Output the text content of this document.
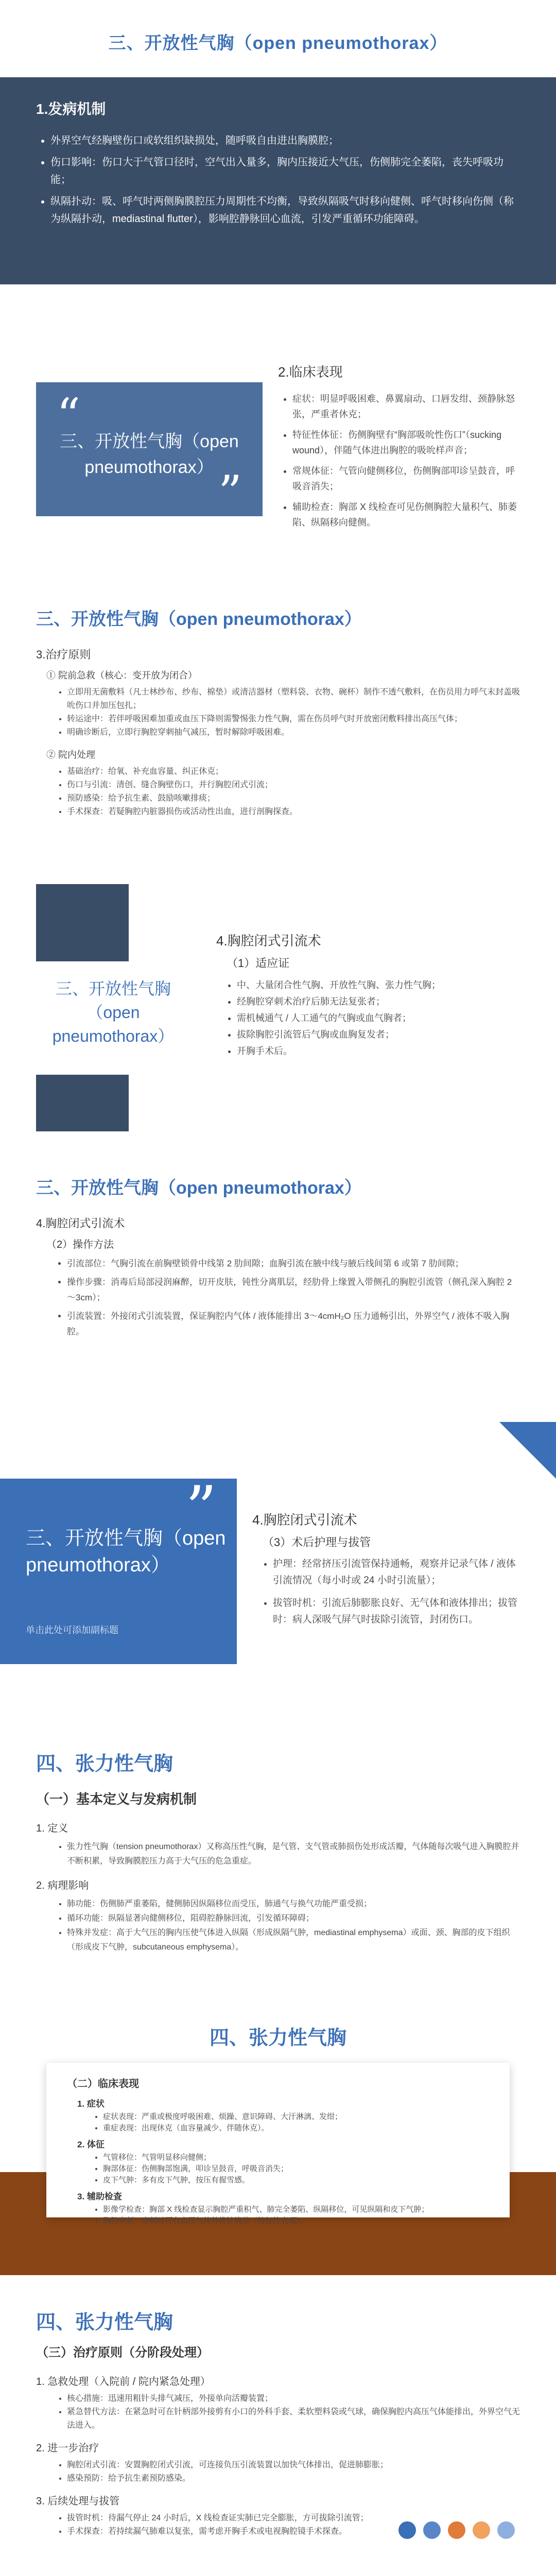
三、开放性气胸（open pneumothorax）
1.发病机制
• 外界空气经胸壁伤口或软组织缺损处，随呼吸自由进出胸膜腔；
• 伤口影响：伤口大于气管口径时，空气出入量多，胸内压接近大气压，伤侧肺完全萎陷，丧失呼吸功能；
• 纵隔扑动：吸、呼气时两侧胸膜腔压力周期性不均衡，导致纵隔吸气时移向健侧、呼气时移向伤侧（称为纵隔扑动，mediastinal flutter），影响腔静脉回心血流，引发严重循环功能障碍。
“
三、开放性气胸（open pneumothorax） ”
2.临床表现
• 症状：明显呼吸困难、鼻翼扇动、口唇发绀、颈静脉怒张，严重者休克；
• 特征性体征：伤侧胸壁有“胸部吸吮性伤口”（sucking wound），伴随气体进出胸腔的吸吮样声音；
• 常规体征：气管向健侧移位，伤侧胸部叩诊呈鼓音，呼吸音消失；
• 辅助检查：胸部 X 线检查可见伤侧胸腔大量积气、肺萎陷、纵隔移向健侧。
三、开放性气胸（open pneumothorax）
3.治疗原则
① 院前急救（核心：变开放为闭合）
• 立即用无菌敷料（凡士林纱布、纱布、棉垫）或清洁器材（塑料袋、衣物、碗杯）制作不透气敷料，在伤员用力呼气末封盖吸吮伤口并加压包扎；
• 转运途中：若伴呼吸困难加重或血压下降则需警惕张力性气胸，需在伤员呼气时开放密闭敷料排出高压气体；
• 明确诊断后，立即行胸腔穿刺抽气减压，暂时解除呼吸困难。
② 院内处理
• 基础治疗：给氧、补充血容量、纠正休克；
• 伤口与引流：清创、缝合胸壁伤口，并行胸腔闭式引流；
• 预防感染：给予抗生素、鼓励咳嗽排痰；
• 手术探查：若疑胸腔内脏器损伤或活动性出血，进行剖胸探查。
三、开放性气胸（open pneumothorax）
4.胸腔闭式引流术
（1）适应证
• 中、大量闭合性气胸、开放性气胸、张力性气胸；
• 经胸腔穿刺术治疗后肺无法复张者；
• 需机械通气 / 人工通气的气胸或血气胸者；
• 拔除胸腔引流管后气胸或血胸复发者；
• 开胸手术后。
三、开放性气胸（open pneumothorax）
4.胸腔闭式引流术
（2）操作方法
• 引流部位：气胸引流在前胸壁锁骨中线第 2 肋间隙；血胸引流在腋中线与腋后线间第 6 或第 7 肋间隙；
• 操作步骤：消毒后局部浸润麻醉，切开皮肤，钝性分离肌层，经肋骨上缘置入带侧孔的胸腔引流管（侧孔深入胸腔 2～3cm）；
• 引流装置：外接闭式引流装置，保证胸腔内气体 / 液体能排出 3～4cmH₂O 压力通畅引出，外界空气 / 液体不吸入胸腔。
”
三、开放性气胸（open pneumothorax）
单击此处可添加副标题
4.胸腔闭式引流术
（3）术后护理与拔管
• 护理：经常挤压引流管保持通畅，观察并记录气体 / 液体引流情况（每小时或 24 小时引流量）；
• 拔管时机：引流后肺膨胀良好、无气体和液体排出；拔管时：病人深吸气屏气时拔除引流管，封闭伤口。
四、张力性气胸
（一）基本定义与发病机制
1. 定义
• 张力性气胸（tension pneumothorax）又称高压性气胸，是气管、支气管或肺损伤处形成活瓣，气体随每次吸气进入胸膜腔并不断积累，导致胸膜腔压力高于大气压的危急重症。
2. 病理影响
• 肺功能：伤侧肺严重萎陷，健侧肺因纵隔移位而受压，肺通气与换气功能严重受损；
• 循环功能：纵隔显著向健侧移位，阻碍腔静脉回流，引发循环障碍；
• 特殊并发症：高于大气压的胸内压使气体进入纵隔（形成纵隔气肿，mediastinal emphysema）或面、颈、胸部的皮下组织（形成皮下气肿，subcutaneous emphysema）。
四、张力性气胸
（二）临床表现
1. 症状
• 症状表现：严重或极度呼吸困难、烦躁、意识障碍、大汗淋漓、发绀；
• 重症表现：出现休克（血容量减少、伴随休克）。
2. 体征
• 气管移位：气管明显移向健侧；
• 胸部体征：伤侧胸部饱满，叩诊呈鼓音，呼吸音消失；
• 皮下气肿：多有皮下气肿，按压有握雪感。
3. 辅助检查
• 影像学检查：胸部 X 线检查显示胸腔严重积气、肺完全萎陷、纵隔移位，可见纵隔和皮下气肿；
• 胸腔穿刺：穿刺时可有高压气体外推针筒芯（特征性表现）。
四、张力性气胸
（三）治疗原则（分阶段处理）
1. 急救处理（入院前 / 院内紧急处理）
• 核心措施：迅速用粗针头排气减压，外接单向活瓣装置；
• 紧急替代方法：在紧急时可在针柄部外接剪有小口的外科手套、柔软塑料袋或气球，确保胸腔内高压气体能排出，外界空气无法进入。
2. 进一步治疗
• 胸腔闭式引流：安置胸腔闭式引流，可连接负压引流装置以加快气体排出，促进肺膨胀；
• 感染预防：给予抗生素预防感染。
3. 后续处理与拔管
• 拔管时机：待漏气停止 24 小时后，X 线检查证实肺已完全膨胀，方可拔除引流管；
• 手术探查：若持续漏气肺难以复张，需考虑开胸手术或电视胸腔镜手术探查。
